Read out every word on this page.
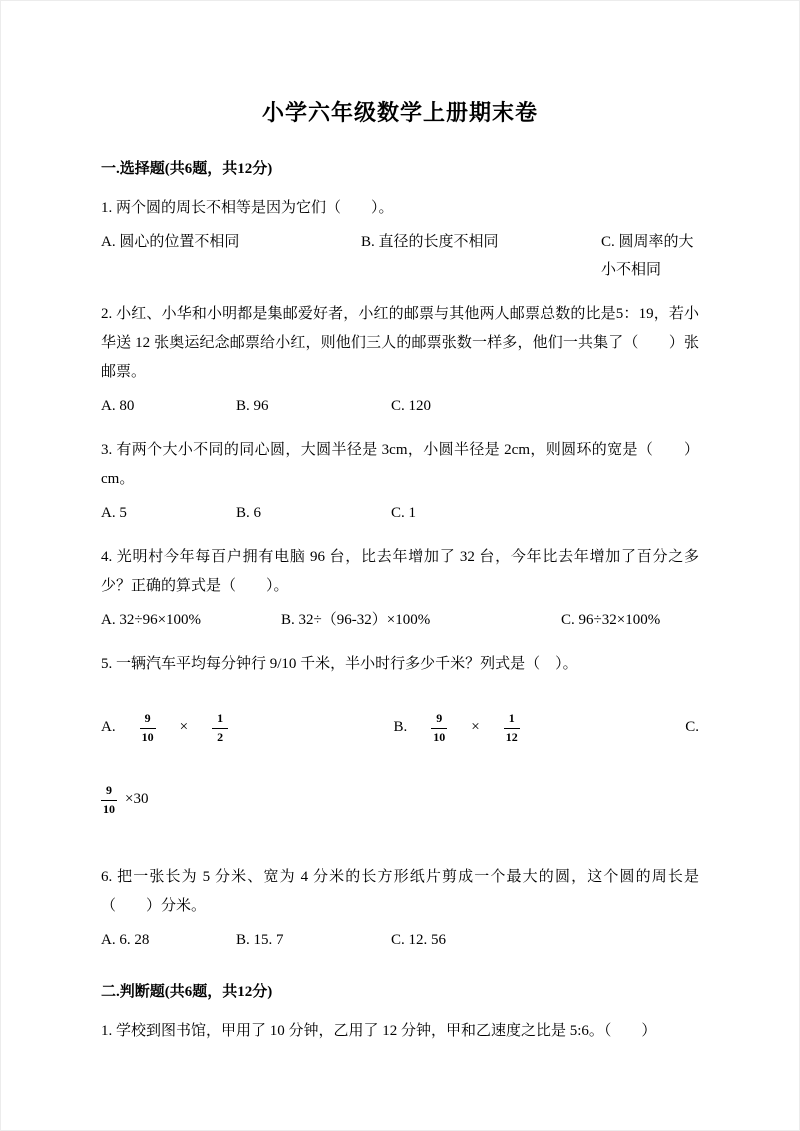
小学六年级数学上册期末卷
一.选择题(共6题，共12分)

1. 两个圆的周长不相等是因为它们（　　）。

A. 圆心的位置不相同	B. 直径的长度不相同	C. 圆周率的大小不相同

2. 小红、小华和小明都是集邮爱好者，小红的邮票与其他两人邮票总数的比是5：19，若小华送 12 张奥运纪念邮票给小红，则他们三人的邮票张数一样多，他们一共集了（　　）张邮票。

A. 80	B. 96	C. 120

3. 有两个大小不同的同心圆，大圆半径是 3cm，小圆半径是 2cm，则圆环的宽是（　　）cm。

A. 5	B. 6	C. 1

4. 光明村今年每百户拥有电脑 96 台，比去年增加了 32 台，今年比去年增加了百分之多少？正确的算式是（　　）。

A. 32÷96×100%	B. 32÷（96-32）×100%	C. 96÷32×100%

5. 一辆汽车平均每分钟行 9/10 千米，半小时行多少千米？列式是（　）。

A. $\frac{9}{10} \times \frac{1}{2}$	B. $\frac{9}{10} \times \frac{1}{12}$	C.
$\frac{9}{10} \times 30$

6. 把一张长为 5 分米、宽为 4 分米的长方形纸片剪成一个最大的圆，这个圆的周长是（　　）分米。

A. 6. 28	B. 15. 7	C. 12. 56
二.判断题(共6题，共12分)

1. 学校到图书馆，甲用了 10 分钟，乙用了 12 分钟，甲和乙速度之比是 5:6。（　　）
